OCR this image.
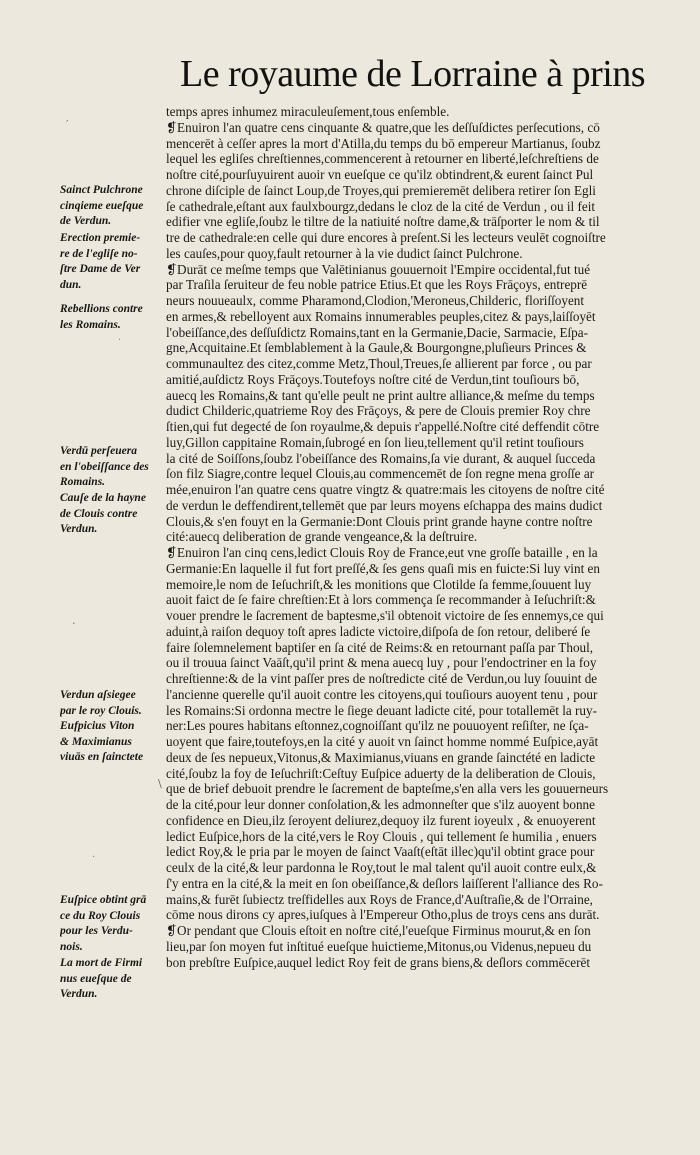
Le royaume de Lorraine à prins
Sainct Pulchrone
cinqieme eueſque
de Verdun.
Erection premie-
re de l'egliſe no-
ſtre Dame de Ver
dun.
Rebellions contre
les Romains.
Verdū perſeuera
en l'obeiſſance des
Romains.
Cauſe de la hayne
de Clouis contre
Verdun.
Verdun aſsiegee
par le roy Clouis.
Eufpicius Viton
& Maximianus
viuās en ſainctete
Euſpice obtint grā
ce du Roy Clouis
pour les Verdu-
nois.
La mort de Firmi
nus eueſque de
Verdun.
temps apres inhumez miraculeuſement,tous enſemble.
❡Enuiron l'an quatre cens cinquante & quatre,que les deſſuſdictes perſecutions, cō
mencerēt à ceſſer apres la mort d'Atilla,du temps du bō empereur Martianus, ſoubz
lequel les egliſes chreſtiennes,commencerent à retourner en liberté,leſchreſtiens de
noſtre cité,pourſuyuirent auoir vn eueſque ce qu'ilz obtindrent,& eurent ſainct Pul
chrone diſciple de ſainct Loup,de Troyes,qui premieremēt delibera retirer ſon Egli
ſe cathedrale,eſtant aux faulxbourgz,dedans le cloz de la cité de Verdun , ou il feit
edifier vne egliſe,ſoubz le tiltre de la natiuité noſtre dame,& trāſporter le nom & til
tre de cathedrale:en celle qui dure encores à preſent.Si les lecteurs veulēt cognoiſtre
les cauſes,pour quoy,fault retourner à la vie dudict ſainct Pulchrone.
❡Durāt ce meſme temps que Valētinianus gouuernoit l'Empire occidental,fut tué
par Traſila ſeruiteur de feu noble patrice Etius.Et que les Roys Frāçoys, entreprē
neurs nouueaulx, comme Pharamond,Clodion,'Meroneus,Childeric, floriſſoyent
en armes,& rebelloyent aux Romains innumerables peuples,citez & pays,laiſſoyēt
l'obeiſſance,des deſſuſdictz Romains,tant en la Germanie,Dacie, Sarmacie, Eſpa-
gne,Acquitaine.Et ſemblablement à la Gaule,& Bourgongne,pluſieurs Princes &
communaultez des citez,comme Metz,Thoul,Treues,ſe allierent par force , ou par
amitié,auſdictz Roys Frāçoys.Toutefoys noſtre cité de Verdun,tint touſiours bō,
auecq les Romains,& tant qu'elle peult ne print aultre alliance,& meſme du temps
dudict Childeric,quatrieme Roy des Frāçoys, & pere de Clouis premier Roy chre
ſtien,qui fut degecté de ſon royaulme,& depuis r'appellé.Noſtre cité deffendit cōtre
luy,Gillon cappitaine Romain,ſubrogé en ſon lieu,tellement qu'il retint touſiours
la cité de Soiſſons,ſoubz l'obeiſſance des Romains,ſa vie durant, & auquel ſucceda
ſon filz Siagre,contre lequel Clouis,au commencemēt de ſon regne mena groſſe ar
mée,enuiron l'an quatre cens quatre vingtz & quatre:mais les citoyens de noſtre cité
de verdun le deffendirent,tellemēt que par leurs moyens eſchappa des mains dudict
Clouis,& s'en fouyt en la Germanie:Dont Clouis print grande hayne contre noſtre
cité:auecq deliberation de grande vengeance,& la deſtruire.
❡Enuiron l'an cinq cens,ledict Clouis Roy de France,eut vne groſſe bataille , en la
Germanie:En laquelle il fut fort preſſé,& ſes gens quaſi mis en fuicte:Si luy vint en
memoire,le nom de Ieſuchriſt,& les monitions que Clotilde ſa femme,ſouuent luy
auoit faict de ſe faire chreſtien:Et à lors commença ſe recommander à Ieſuchriſt:&
vouer prendre le ſacrement de baptesme,s'il obtenoit victoire de ſes ennemys,ce qui
aduint,à raiſon dequoy toſt apres ladicte victoire,diſpoſa de ſon retour, deliberé ſe
faire ſolemnelement baptiſer en ſa cité de Reims:& en retournant paſſa par Thoul,
ou il trouua ſainct Vaāſt,qu'il print & mena auecq luy , pour l'endoctriner en la foy
chreſtienne:& de la vint paſſer pres de noſtredicte cité de Verdun,ou luy ſouuint de
l'ancienne querelle qu'il auoit contre les citoyens,qui touſiours auoyent tenu , pour
les Romains:Si ordonna mectre le ſiege deuant ladicte cité, pour totallemēt la ruy-
ner:Les poures habitans eſtonnez,cognoiſſant qu'ilz ne pouuoyent reſiſter, ne ſça-
uoyent que faire,toutefoys,en la cité y auoit vn ſainct homme nommé Euſpice,ayāt
deux de ſes nepueux,Vitonus,& Maximianus,viuans en grande ſainctété en ladicte
cité,ſoubz la foy de Ieſuchriſt:Ceſtuy Euſpice aduerty de la deliberation de Clouis,
que de brief debuoit prendre le ſacrement de bapteſme,s'en alla vers les gouuerneurs
de la cité,pour leur donner conſolation,& les admonneſter que s'ilz auoyent bonne
confidence en Dieu,ilz ſeroyent deliurez,dequoy ilz furent ioyeulx , & enuoyerent
ledict Euſpice,hors de la cité,vers le Roy Clouis , qui tellement ſe humilia , enuers
ledict Roy,& le pria par le moyen de ſainct Vaaſt(eſtāt illec)qu'il obtint grace pour
ceulx de la cité,& leur pardonna le Roy,tout le mal talent qu'il auoit contre eulx,&
ſ'y entra en la cité,& la meit en ſon obeiſſance,& deſlors laiſſerent l'alliance des Ro-
mains,& furēt ſubiectz treſfidelles aux Roys de France,d'Auſtraſie,& de l'Orraine,
cōme nous dirons cy apres,iuſques à l'Empereur Otho,plus de troys cens ans durāt.
❡Or pendant que Clouis eſtoit en noſtre cité,l'eueſque Firminus mourut,& en ſon
lieu,par ſon moyen fut inſtitué eueſque huictieme,Mitonus,ou Videnus,nepueu du
bon prebſtre Euſpice,auquel ledict Roy feit de grans biens,& deſlors commēcerēt
′
·
·
\
·
